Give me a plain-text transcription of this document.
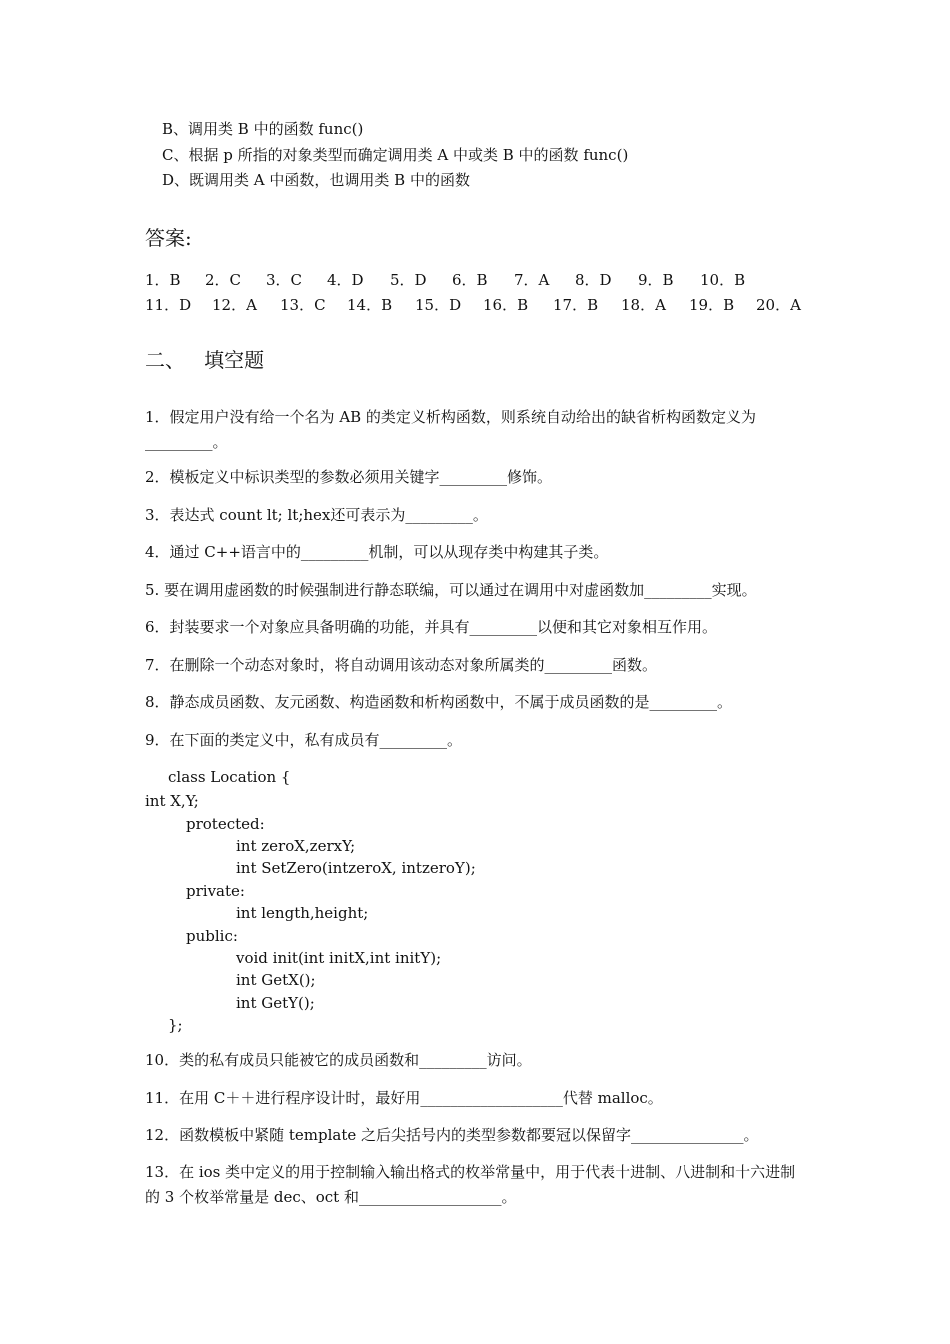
B、调用类 B 中的函数 func()
C、根据 p 所指的对象类型而确定调用类 A 中或类 B 中的函数 func()
D、既调用类 A 中函数，也调用类 B 中的函数
答案:
1．B 2．C 3．C 4．D 5．D 6．B 7．A 8．D 9．B 10．B
11．D 12．A 13．C 14．B 15．D 16．B 17．B 18．A 19．B 20．A
二、   填空题
1．假定用户没有给一个名为 AB 的类定义析构函数，则系统自动给出的缺省析构函数定义为_________。
2．模板定义中标识类型的参数必须用关键字_________修饰。
3．表达式 count lt; lt;hex还可表示为_________。
4．通过 C++语言中的_________机制，可以从现存类中构建其子类。
5. 要在调用虚函数的时候强制进行静态联编，可以通过在调用中对虚函数加_________实现。
6．封装要求一个对象应具备明确的功能，并具有_________以便和其它对象相互作用。
7．在删除一个动态对象时，将自动调用该动态对象所属类的_________函数。
8．静态成员函数、友元函数、构造函数和析构函数中，不属于成员函数的是_________。
9．在下面的类定义中，私有成员有_________。
class Location {
int X,Y;
protected:
int zeroX,zerxY;
int SetZero(intzeroX, intzeroY);
private:
int length,height;
public:
void init(int initX,int initY);
int GetX();
int GetY();
};
10．类的私有成员只能被它的成员函数和_________访问。
11．在用 C＋＋进行程序设计时，最好用___________________代替 malloc。
12．函数模板中紧随 template 之后尖括号内的类型参数都要冠以保留字_______________。
13．在 ios 类中定义的用于控制输入输出格式的枚举常量中，用于代表十进制、八进制和十六进制的 3 个枚举常量是 dec、oct 和___________________。
